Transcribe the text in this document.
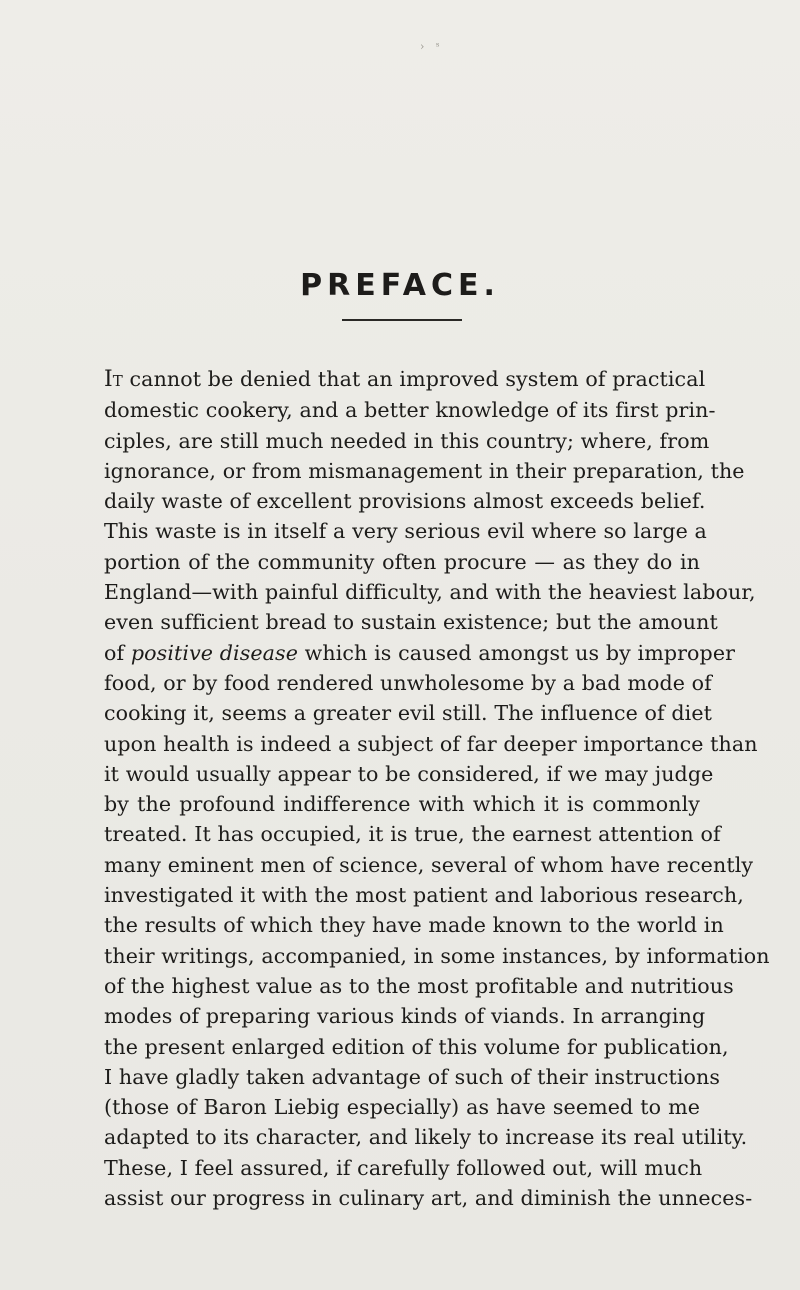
› ˢ
PREFACE.
It cannot be denied that an improved system of practical
domestic cookery, and a better knowledge of its first prin-
ciples, are still much needed in this country; where, from
ignorance, or from mismanagement in their preparation, the
daily waste of excellent provisions almost exceeds belief.
This waste is in itself a very serious evil where so large a
portion of the community often procure — as they do in
England—with painful difficulty, and with the heaviest labour,
even sufficient bread to sustain existence; but the amount
of positive disease which is caused amongst us by improper
food, or by food rendered unwholesome by a bad mode of
cooking it, seems a greater evil still. The influence of diet
upon health is indeed a subject of far deeper importance than
it would usually appear to be considered, if we may judge
by the profound indifference with which it is commonly
treated. It has occupied, it is true, the earnest attention of
many eminent men of science, several of whom have recently
investigated it with the most patient and laborious research,
the results of which they have made known to the world in
their writings, accompanied, in some instances, by information
of the highest value as to the most profitable and nutritious
modes of preparing various kinds of viands. In arranging
the present enlarged edition of this volume for publication,
I have gladly taken advantage of such of their instructions
(those of Baron Liebig especially) as have seemed to me
adapted to its character, and likely to increase its real utility.
These, I feel assured, if carefully followed out, will much
assist our progress in culinary art, and diminish the unneces-
